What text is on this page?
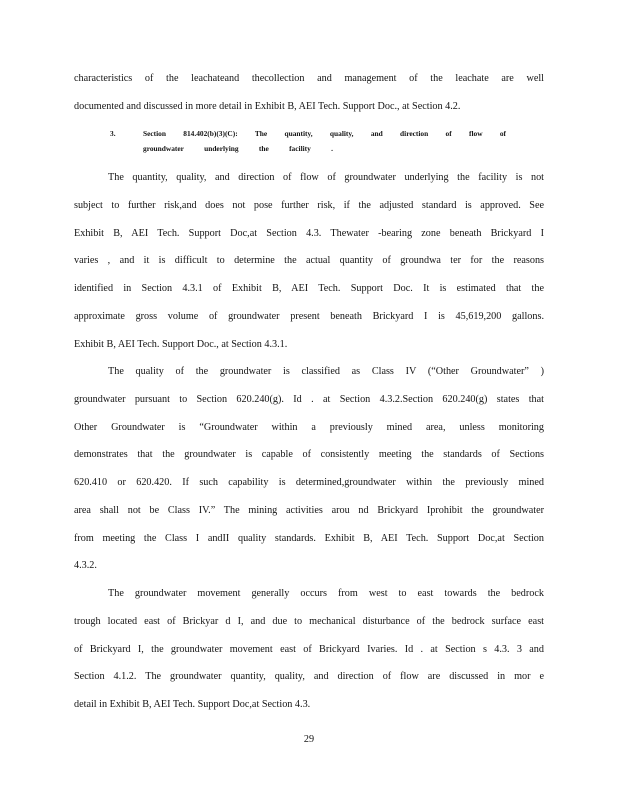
characteristics of the leachateand thecollection and management of the leachate are well
documented and discussed in more detail in Exhibit B, AEI Tech. Support Doc., at Section 4.2.
3.	Section 814.402(b)(3)(C): The quantity, quality, and direction of flow of
groundwater underlying the facility .
The quantity, quality, and direction of flow of groundwater underlying the facility is not
subject to further risk,and does not pose further risk, if the adjusted standard is approved. See
Exhibit B, AEI Tech. Support Doc,at Section 4.3. Thewater -bearing zone beneath Brickyard I
varies , and it is difficult to determine the actual quantity of groundwa ter for the reasons
identified in Section 4.3.1 of Exhibit B, AEI Tech. Support Doc. It is estimated that the
approximate gross volume of groundwater present beneath Brickyard I is 45,619,200 gallons.
Exhibit B, AEI Tech. Support Doc., at Section 4.3.1.
The quality of the groundwater is classified as Class IV (“Other Groundwater” )
groundwater pursuant to Section 620.240(g). Id . at Section 4.3.2.Section 620.240(g) states that
Other Groundwater is “Groundwater within a previously mined area, unless monitoring
demonstrates that the groundwater is capable of consistently meeting the standards of Sections
620.410 or 620.420. If such capability is determined,groundwater within the previously mined
area shall not be Class IV.” The mining activities arou nd Brickyard Iprohibit the groundwater
from meeting the Class I andII quality standards. Exhibit B, AEI Tech. Support Doc,at Section
4.3.2.
The groundwater movement generally occurs from west to east towards the bedrock
trough located east of Brickyar d I, and due to mechanical disturbance of the bedrock surface east
of Brickyard I, the groundwater movement east of Brickyard Ivaries. Id . at Section s 4.3. 3 and
Section 4.1.2. The groundwater quantity, quality, and direction of flow are discussed in mor e
detail in Exhibit B, AEI Tech. Support Doc,at Section 4.3.
29
